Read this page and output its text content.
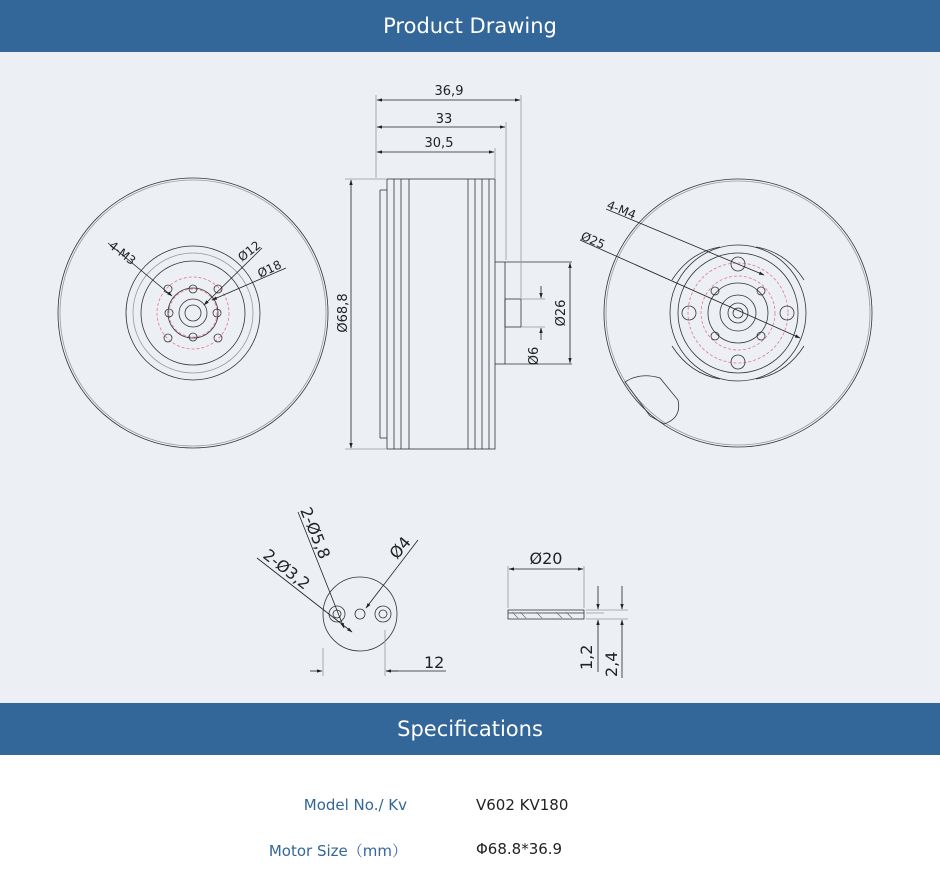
Product Drawing
4-M3	Ø12
Ø18
36,9
33
30,5
Ø68,8	Ø26
Ø6
4-M4
Ø25
2-Ø5,8
2-Ø3,2	Ø4
12
Ø20
1,2 2,4
Specifications
Model No./ Kv	V602 KV180
Motor Size（mm）	Φ68.8*36.9
